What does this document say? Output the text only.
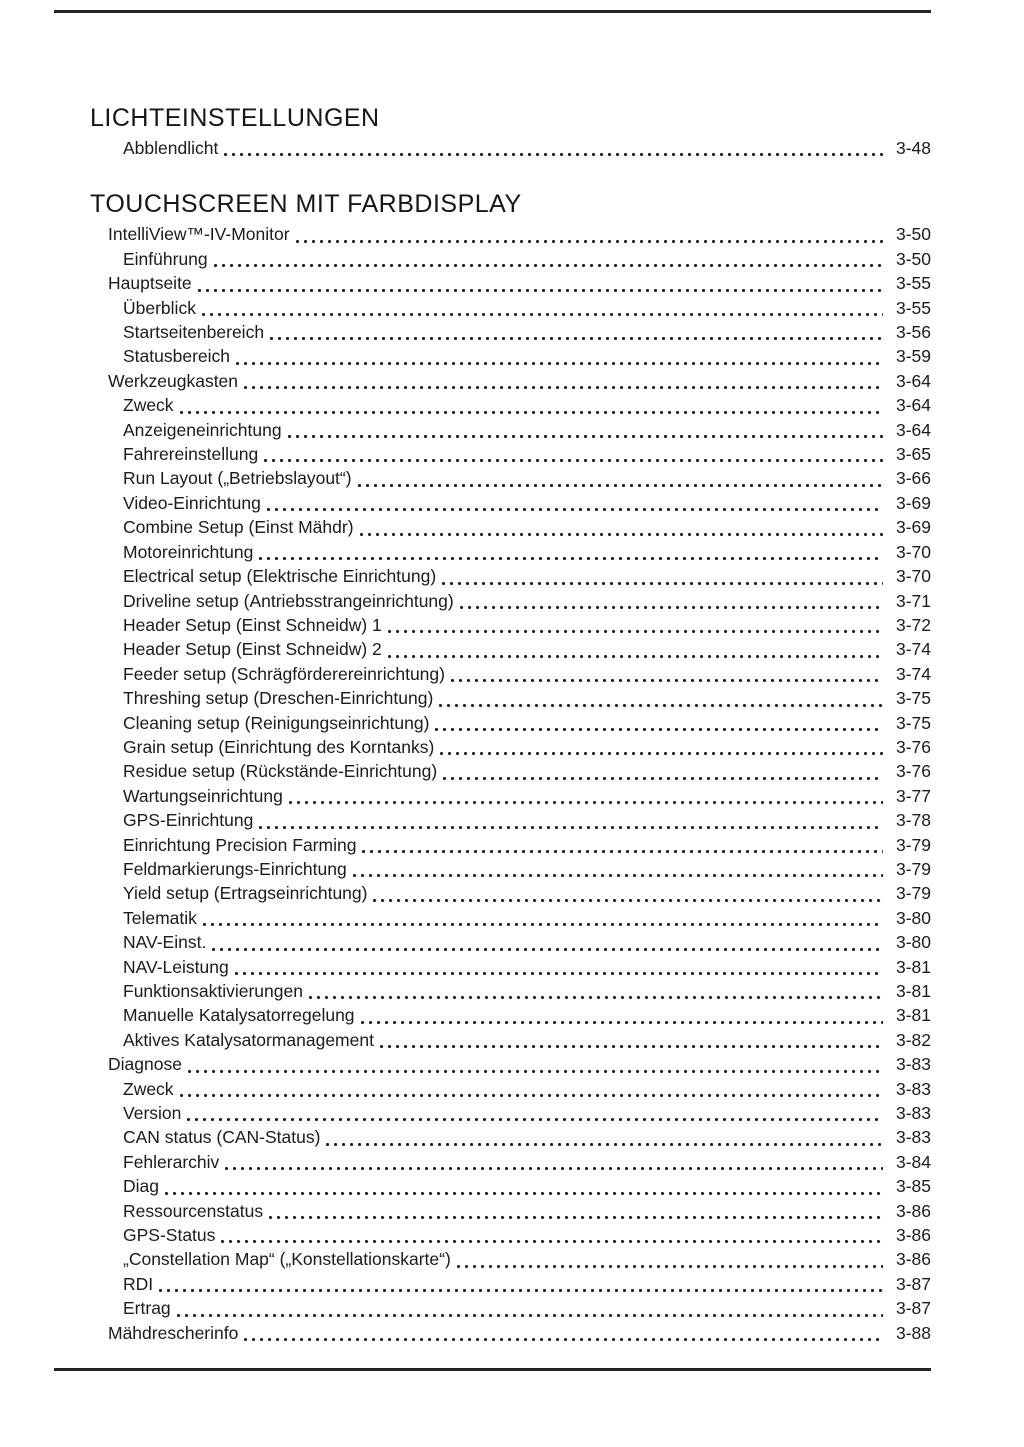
LICHTEINSTELLUNGEN
Abblendlicht	3-48
TOUCHSCREEN MIT FARBDISPLAY
IntelliView™-IV-Monitor	3-50
Einführung	3-50
Hauptseite	3-55
Überblick	3-55
Startseitenbereich	3-56
Statusbereich	3-59
Werkzeugkasten	3-64
Zweck	3-64
Anzeigeneinrichtung	3-64
Fahrereinstellung	3-65
Run Layout („Betriebslayout“)	3-66
Video-Einrichtung	3-69
Combine Setup (Einst Mähdr)	3-69
Motoreinrichtung	3-70
Electrical setup (Elektrische Einrichtung)	3-70
Driveline setup (Antriebsstrangeinrichtung)	3-71
Header Setup (Einst Schneidw) 1	3-72
Header Setup (Einst Schneidw) 2	3-74
Feeder setup (Schrägförderereinrichtung)	3-74
Threshing setup (Dreschen-Einrichtung)	3-75
Cleaning setup (Reinigungseinrichtung)	3-75
Grain setup (Einrichtung des Korntanks)	3-76
Residue setup (Rückstände-Einrichtung)	3-76
Wartungseinrichtung	3-77
GPS-Einrichtung	3-78
Einrichtung Precision Farming	3-79
Feldmarkierungs-Einrichtung	3-79
Yield setup (Ertragseinrichtung)	3-79
Telematik	3-80
NAV-Einst.	3-80
NAV-Leistung	3-81
Funktionsaktivierungen	3-81
Manuelle Katalysatorregelung	3-81
Aktives Katalysatormanagement	3-82
Diagnose	3-83
Zweck	3-83
Version	3-83
CAN status (CAN-Status)	3-83
Fehlerarchiv	3-84
Diag	3-85
Ressourcenstatus	3-86
GPS-Status	3-86
„Constellation Map“ („Konstellationskarte“)	3-86
RDI	3-87
Ertrag	3-87
Mähdrescherinfo	3-88
